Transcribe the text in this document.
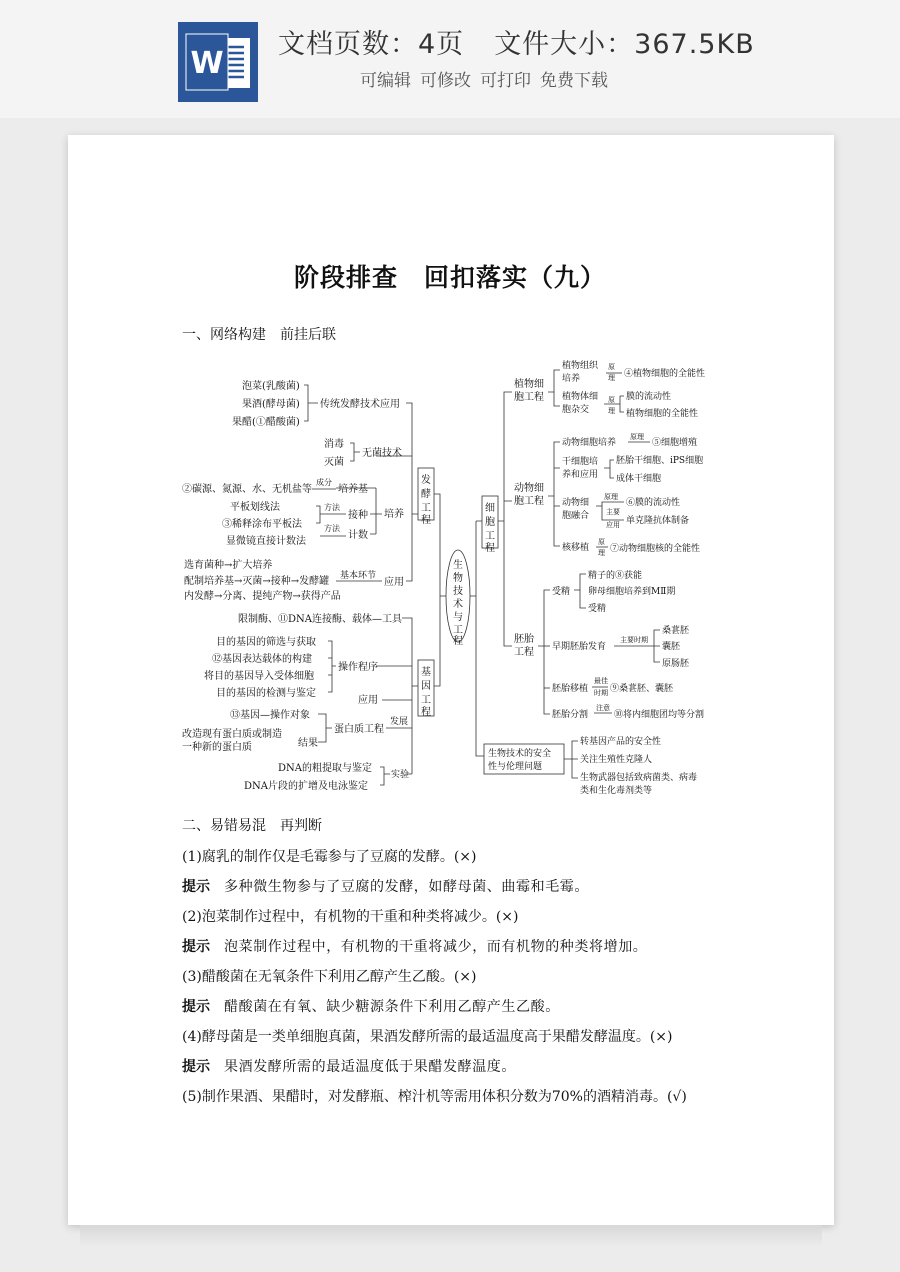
W
文档页数：4页 文件大小：367.5KB
可编辑 可修改 可打印 免费下载
阶段排查　回扣落实（九）
一、网络构建　前挂后联
泡菜(乳酸菌)
果酒(酵母菌)
果醋(①醋酸菌)
传统发酵技术应用
消毒
灭菌
无菌技术
②碳源、氮源、水、无机盐等
成分
培养基
平板划线法
③稀释涂布平板法
显微镜直接计数法
方法
方法
接种
计数
培养
选育菌种→扩大培养
配制培养基→灭菌→接种→发酵罐
内发酵→分离、提纯产物→获得产品
基本环节
应用
发
酵
工
程
限制酶、⑪DNA连接酶、载体—工具
目的基因的筛选与获取
⑫基因表达载体的构建
将目的基因导入受体细胞
目的基因的检测与鉴定
操作程序
应用
⑬基因—操作对象
改造现有蛋白质或制造
一种新的蛋白质	结果
蛋白质工程
发展
DNA的粗提取与鉴定
DNA片段的扩增及电泳鉴定
实验
基
因
工
程
生
物
技
术
与
工
程
细
胞
工
程
植物细
胞工程
植物组织
培养
植物体细
胞杂交
原
理 ④植物细胞的全能性
原
理
膜的流动性
植物细胞的全能性
动物细
胞工程
动物细胞培养
原理
⑤细胞增殖
干细胞培
养和应用
胚胎干细胞、iPS细胞
成体干细胞
动物细
胞融合
原理
⑥膜的流动性
主要
应用 单克隆抗体制备
核移植
原
理 ⑦动物细胞核的全能性
胚胎
工程
受精
精子的⑧获能
卵母细胞培养到MⅡ期
受精
早期胚胎发育
主要时期
桑葚胚
囊胚
原肠胚
胚胎移植
最佳
时期 ⑨桑葚胚、囊胚
胚胎分割
注意
⑩将内细胞团均等分割
生物技术的安全
性与伦理问题
转基因产品的安全性
关注生殖性克隆人
生物武器包括致病菌类、病毒
类和生化毒剂类等
二、易错易混　再判断
(1)腐乳的制作仅是毛霉参与了豆腐的发酵。(×)
提示 多种微生物参与了豆腐的发酵，如酵母菌、曲霉和毛霉。
(2)泡菜制作过程中，有机物的干重和种类将减少。(×)
提示 泡菜制作过程中，有机物的干重将减少，而有机物的种类将增加。
(3)醋酸菌在无氧条件下利用乙醇产生乙酸。(×)
提示 醋酸菌在有氧、缺少糖源条件下利用乙醇产生乙酸。
(4)酵母菌是一类单细胞真菌，果酒发酵所需的最适温度高于果醋发酵温度。(×)
提示 果酒发酵所需的最适温度低于果醋发酵温度。
(5)制作果酒、果醋时，对发酵瓶、榨汁机等需用体积分数为70%的酒精消毒。(√)
